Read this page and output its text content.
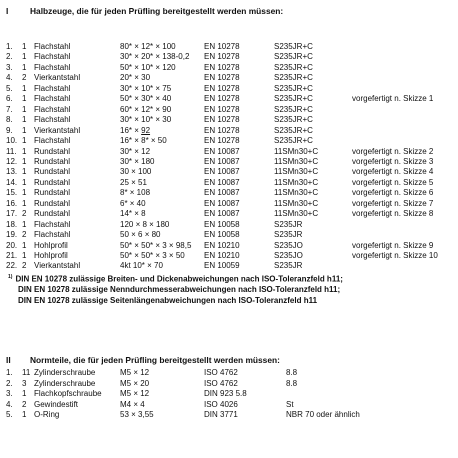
I	Halbzeuge, die für jeden Prüfling bereitgestellt werden müssen:
1. 1 Flachstahl	80* × 12* × 100	EN 10278	S235JR+C
2. 1 Flachstahl	30* × 20* × 138-0,2 EN 10278	S235JR+C
3. 1 Flachstahl	50* × 10* × 120	EN 10278	S235JR+C
4. 2 Vierkantstahl	20* × 30	EN 10278	S235JR+C
5. 1 Flachstahl	30* × 10* × 75	EN 10278	S235JR+C
6. 1 Flachstahl	50* × 30* × 40	EN 10278	S235JR+C	vorgefertigt n. Skizze 1
7. 1 Flachstahl	60* × 12* × 90	EN 10278	S235JR+C
8. 1 Flachstahl	30* × 10* × 30	EN 10278	S235JR+C
9. 1 Vierkantstahl	16* × 92	EN 10278	S235JR+C
10. 1 Flachstahl	16* × 8* × 50	EN 10278	S235JR+C
11. 1 Rundstahl	30* × 12	EN 10087	11SMn30+C	vorgefertigt n. Skizze 2
12. 1 Rundstahl	30* × 180	EN 10087	11SMn30+C	vorgefertigt n. Skizze 3
13. 1 Rundstahl	30 × 100	EN 10087	11SMn30+C	vorgefertigt n. Skizze 4
14. 1 Rundstahl	25 × 51	EN 10087	11SMn30+C	vorgefertigt n. Skizze 5
15. 1 Rundstahl	8* × 108	EN 10087	11SMn30+C	vorgefertigt n. Skizze 6
16. 1 Rundstahl	6* × 40	EN 10087	11SMn30+C	vorgefertigt n. Skizze 7
17. 2 Rundstahl	14* × 8	EN 10087	11SMn30+C	vorgefertigt n. Skizze 8
18. 1 Flachstahl	120 × 8 × 180	EN 10058	S235JR
19. 2 Flachstahl	50 × 6 × 80	EN 10058	S235JR
20. 1 Hohlprofil	50* × 50* × 3 × 98,5 EN 10210	S235JO	vorgefertigt n. Skizze 9
21. 1 Hohlprofil	50* × 50* × 3 × 50 EN 10210	S235JO	vorgefertigt n. Skizze 10
22. 2 Vierkantstahl	4kt 10* × 70	EN 10059	S235JR
$^{1)}$ DIN EN 10278 zulässige Breiten- und Dickenabweichungen nach ISO-Toleranzfeld h11;
DIN EN 10278 zulässige Nenndurchmesserabweichungen nach ISO-Toleranzfeld h11;
DIN EN 10278 zulässige Seitenlängenabweichungen nach ISO-Toleranzfeld h11
II Normteile, die für jeden Prüfling bereitgestellt werden müssen:
1. 11 Zylinderschraube	M5 × 12	ISO 4762	8.8
2. 3 Zylinderschraube	M5 × 20	ISO 4762	8.8
3. 1 Flachkopfschraube M5 × 12	DIN 923 5.8
4. 2 Gewindestift	M4 × 4	ISO 4026	St
5. 1 O-Ring	53 × 3,55	DIN 3771	NBR 70 oder ähnlich
